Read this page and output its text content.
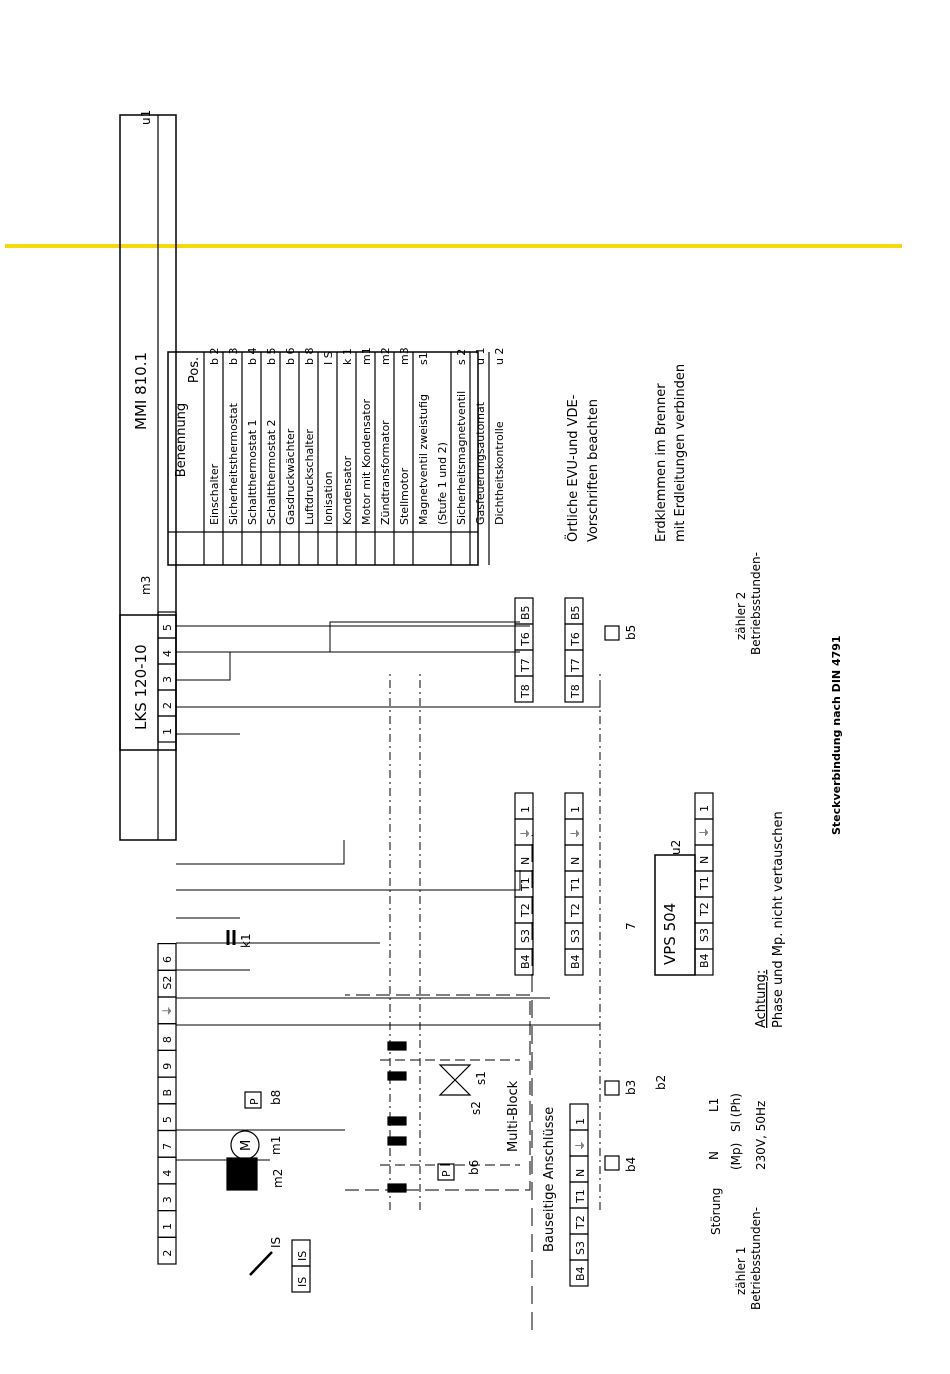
Benennung
Pos.
Einschalter
b 2
Sicherheitsthermostat
b 3
Schaltthermostat 1
b 4
Schaltthermostat 2
b 5
Gasdruckwächter
b 6
Luftdruckschalter
b 8
Ionisation
I S
Kondensator
k 1
Motor mit Kondensator
m1
Zündtransformator
m2
Stellmotor
m3
Magnetventil zweistufig (Stufe 1 und 2)
s1
Sicherheitsmagnetventil
s 2
Gasfeuerungsautomat
u 1
Dichtheitskontrolle
u 2
Örtliche EVU-und VDE- Vorschriften beachten	Erdklemmen im Brenner mit Erdleitungen verbinden
Steckverbindung nach DIN 4791
MMI 810.1
u1
2
1
3
4
7
5
B
9
8
⏚
S2
6
LKS 120-10
m3
1
2
3
4
5
B4
S3
T2
T1
N
⏚
1
T8
T7
T6
B5
B4
S3
T2
T1
N
⏚
1
T8
T7
T6
B5
VPS 504
u2
B4
S3
T2
T1
N
⏚
1
B4
S3
T2
T1
N
⏚
1
IS
IS
M m1
m2
P b8
k1
IS
P b6
s1
s2 Multi-Block	b3
b4
b2
b5
7
Bauseitige Anschlüsse
L1
N
Sl (Ph)
(Mp) 230V, 50Hz
Störung Betriebsstunden-
zähler 1
Betriebsstunden-
zähler 2
Achtung: Phase und Mp. nicht vertauschen
